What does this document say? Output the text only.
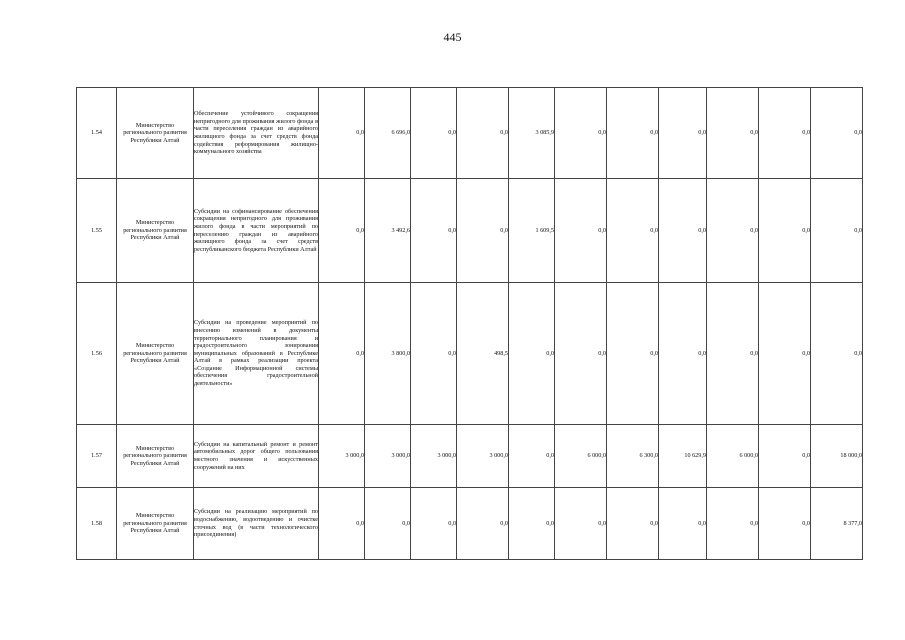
445
1.54	Министерство регионального развития Республики Алтай	Обеспечение устойчивого сокращения непригодного для проживания жилого фонда в части переселения граждан из аварийного жилищного фонда за счет средств фонда содействия реформирования жилищно-коммунального хозяйства	0,0	6 696,0	0,0	0,0	3 085,9	0,0	0,0	0,0	0,0	0,0	0,0
1.55	Министерство регионального развития Республики Алтай	Субсидии на софинансирование обеспечения сокращения непригодного для проживания жилого фонда в части мероприятий по переселению граждан из аварийного жилищного фонда за счет средств республиканского бюджета Республики Алтай	0,0	3 492,6	0,0	0,0	1 609,5	0,0	0,0	0,0	0,0	0,0	0,0
1.56	Министерство регионального развития Республики Алтай	Субсидии на проведение мероприятий по внесению изменений в документы территориального планирования и градостроительного зонирования муниципальных образований в Республике Алтай в рамках реализации проекта «Создание Информационной системы обеспечения градостроительной деятельности»	0,0	3 800,0	0,0	498,5	0,0	0,0	0,0	0,0	0,0	0,0	0,0
1.57	Министерство регионального развития Республики Алтай	Субсидии на капитальный ремонт и ремонт автомобильных дорог общего пользования местного значения и искусственных сооружений на них	3 000,0	3 000,0	3 000,0	3 000,0	0,0	6 000,0	6 300,0	10 629,9	6 000,0	0,0	18 000,0
1.58	Министерство регионального развития Республики Алтай	Субсидии на реализацию мероприятий по водоснабжению, водоотведению и очистке сточных вод (в части технологического присоединения)	0,0	0,0	0,0	0,0	0,0	0,0	0,0	0,0	0,0	0,0	8 377,0
